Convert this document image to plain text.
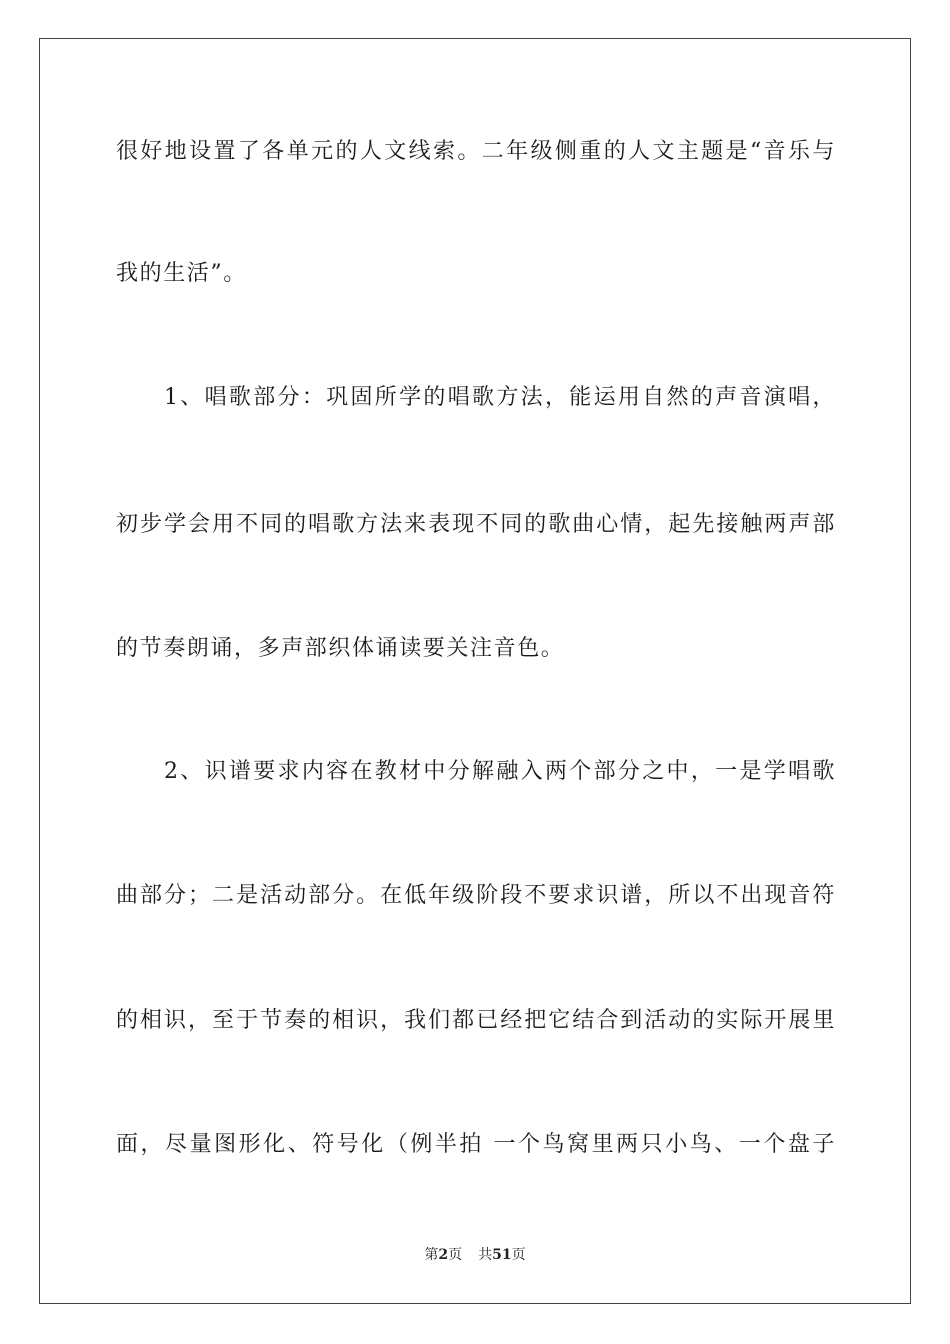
很好地设置了各单元的人文线索。二年级侧重的人文主题是“音乐与
我的生活”。
1、唱歌部分：巩固所学的唱歌方法，能运用自然的声音演唱，
初步学会用不同的唱歌方法来表现不同的歌曲心情，起先接触两声部
的节奏朗诵，多声部织体诵读要关注音色。
2、识谱要求内容在教材中分解融入两个部分之中，一是学唱歌
曲部分；二是活动部分。在低年级阶段不要求识谱，所以不出现音符
的相识，至于节奏的相识，我们都已经把它结合到活动的实际开展里
面，尽量图形化、符号化（例半拍 一个鸟窝里两只小鸟、一个盘子
第2页 共51页
